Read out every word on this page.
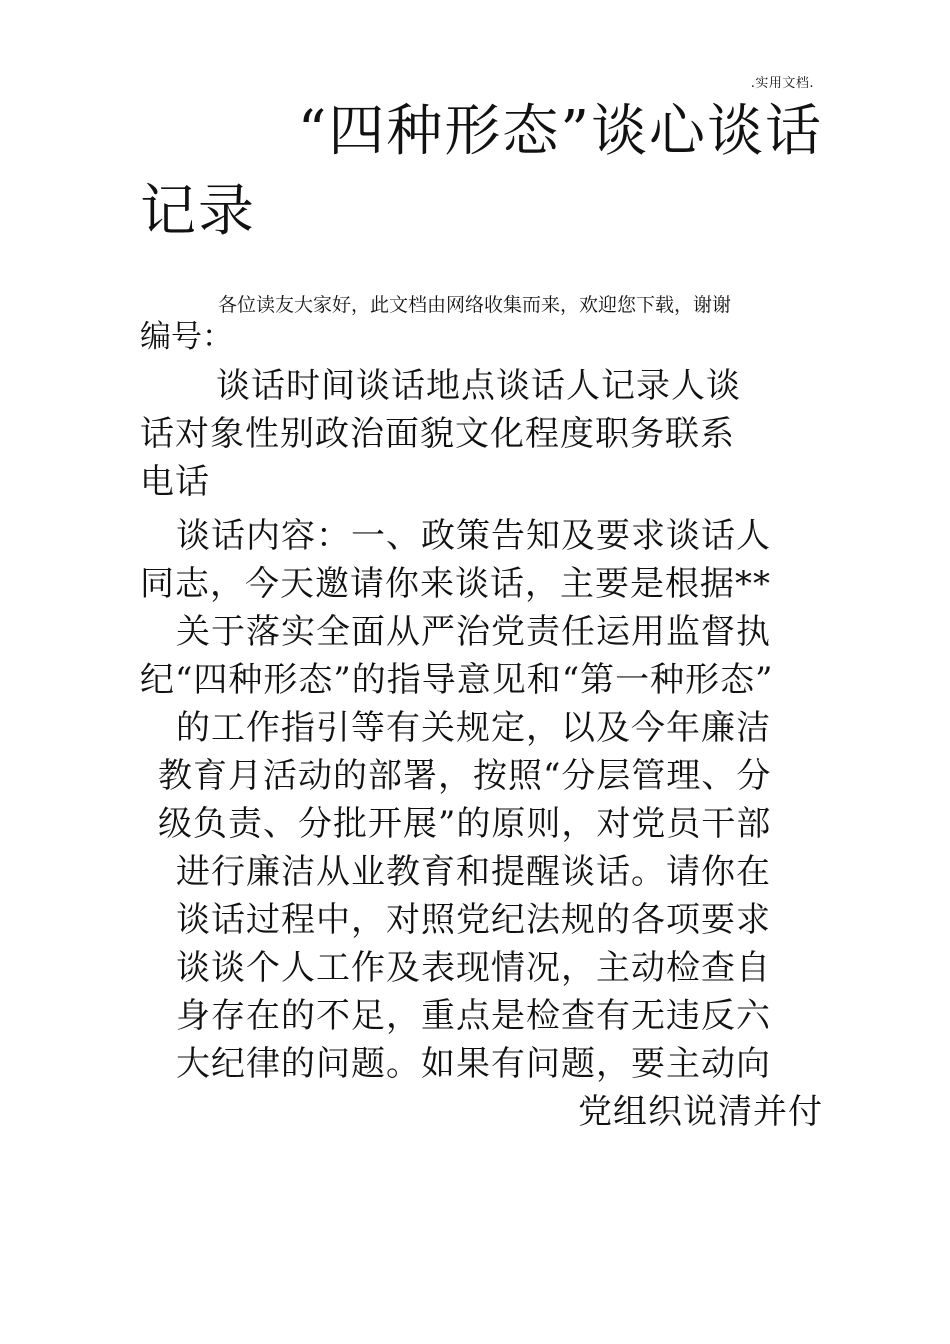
.实用文档.
“四种形态”谈心谈话
记录
各位读友大家好，此文档由网络收集而来，欢迎您下载，谢谢
编号：
谈话时间谈话地点谈话人记录人谈
话对象性别政治面貌文化程度职务联系
电话
谈话内容：一、政策告知及要求谈话人
同志，今天邀请你来谈话，主要是根据**
关于落实全面从严治党责任运用监督执
纪“四种形态”的指导意见和“第一种形态”
的工作指引等有关规定，以及今年廉洁
教育月活动的部署，按照“分层管理、分
级负责、分批开展”的原则，对党员干部
进行廉洁从业教育和提醒谈话。请你在
谈话过程中，对照党纪法规的各项要求
谈谈个人工作及表现情况，主动检查自
身存在的不足，重点是检查有无违反六
大纪律的问题。如果有问题，要主动向
党组织说清并付
